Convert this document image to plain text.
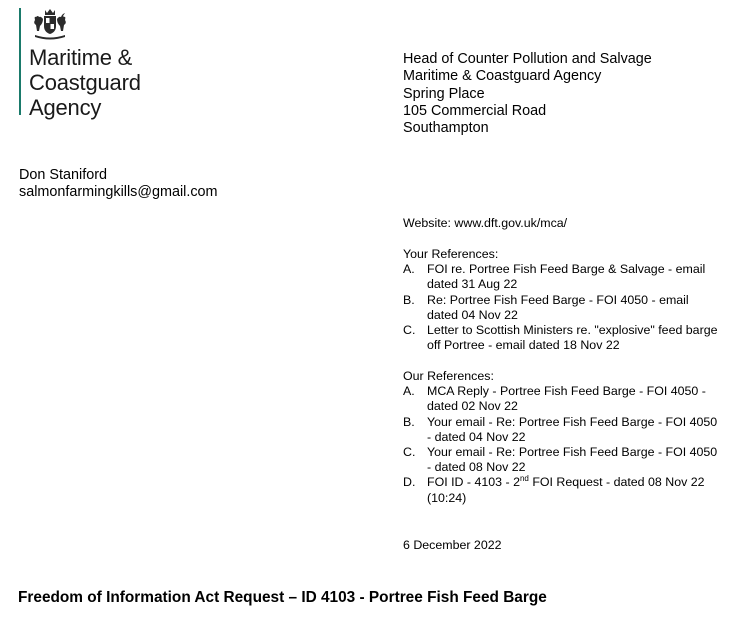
Maritime &
Coastguard
Agency
Head of Counter Pollution and Salvage
Maritime & Coastguard Agency
Spring Place
105 Commercial Road
Southampton
Don Staniford
salmonfarmingkills@gmail.com
Website: www.dft.gov.uk/mca/
Your References:
A. FOI re. Portree Fish Feed Barge & Salvage - email dated 31 Aug 22
B. Re: Portree Fish Feed Barge - FOI 4050 - email dated 04 Nov 22
C. Letter to Scottish Ministers re. "explosive" feed barge off Portree - email dated 18 Nov 22
Our References:
A. MCA Reply - Portree Fish Feed Barge - FOI 4050 - dated 02 Nov 22
B. Your email - Re: Portree Fish Feed Barge - FOI 4050 - dated 04 Nov 22
C. Your email - Re: Portree Fish Feed Barge - FOI 4050 - dated 08 Nov 22
D. FOI ID - 4103 - 2nd FOI Request - dated 08 Nov 22 (10:24)
6 December 2022
Freedom of Information Act Request – ID 4103 - Portree Fish Feed Barge
